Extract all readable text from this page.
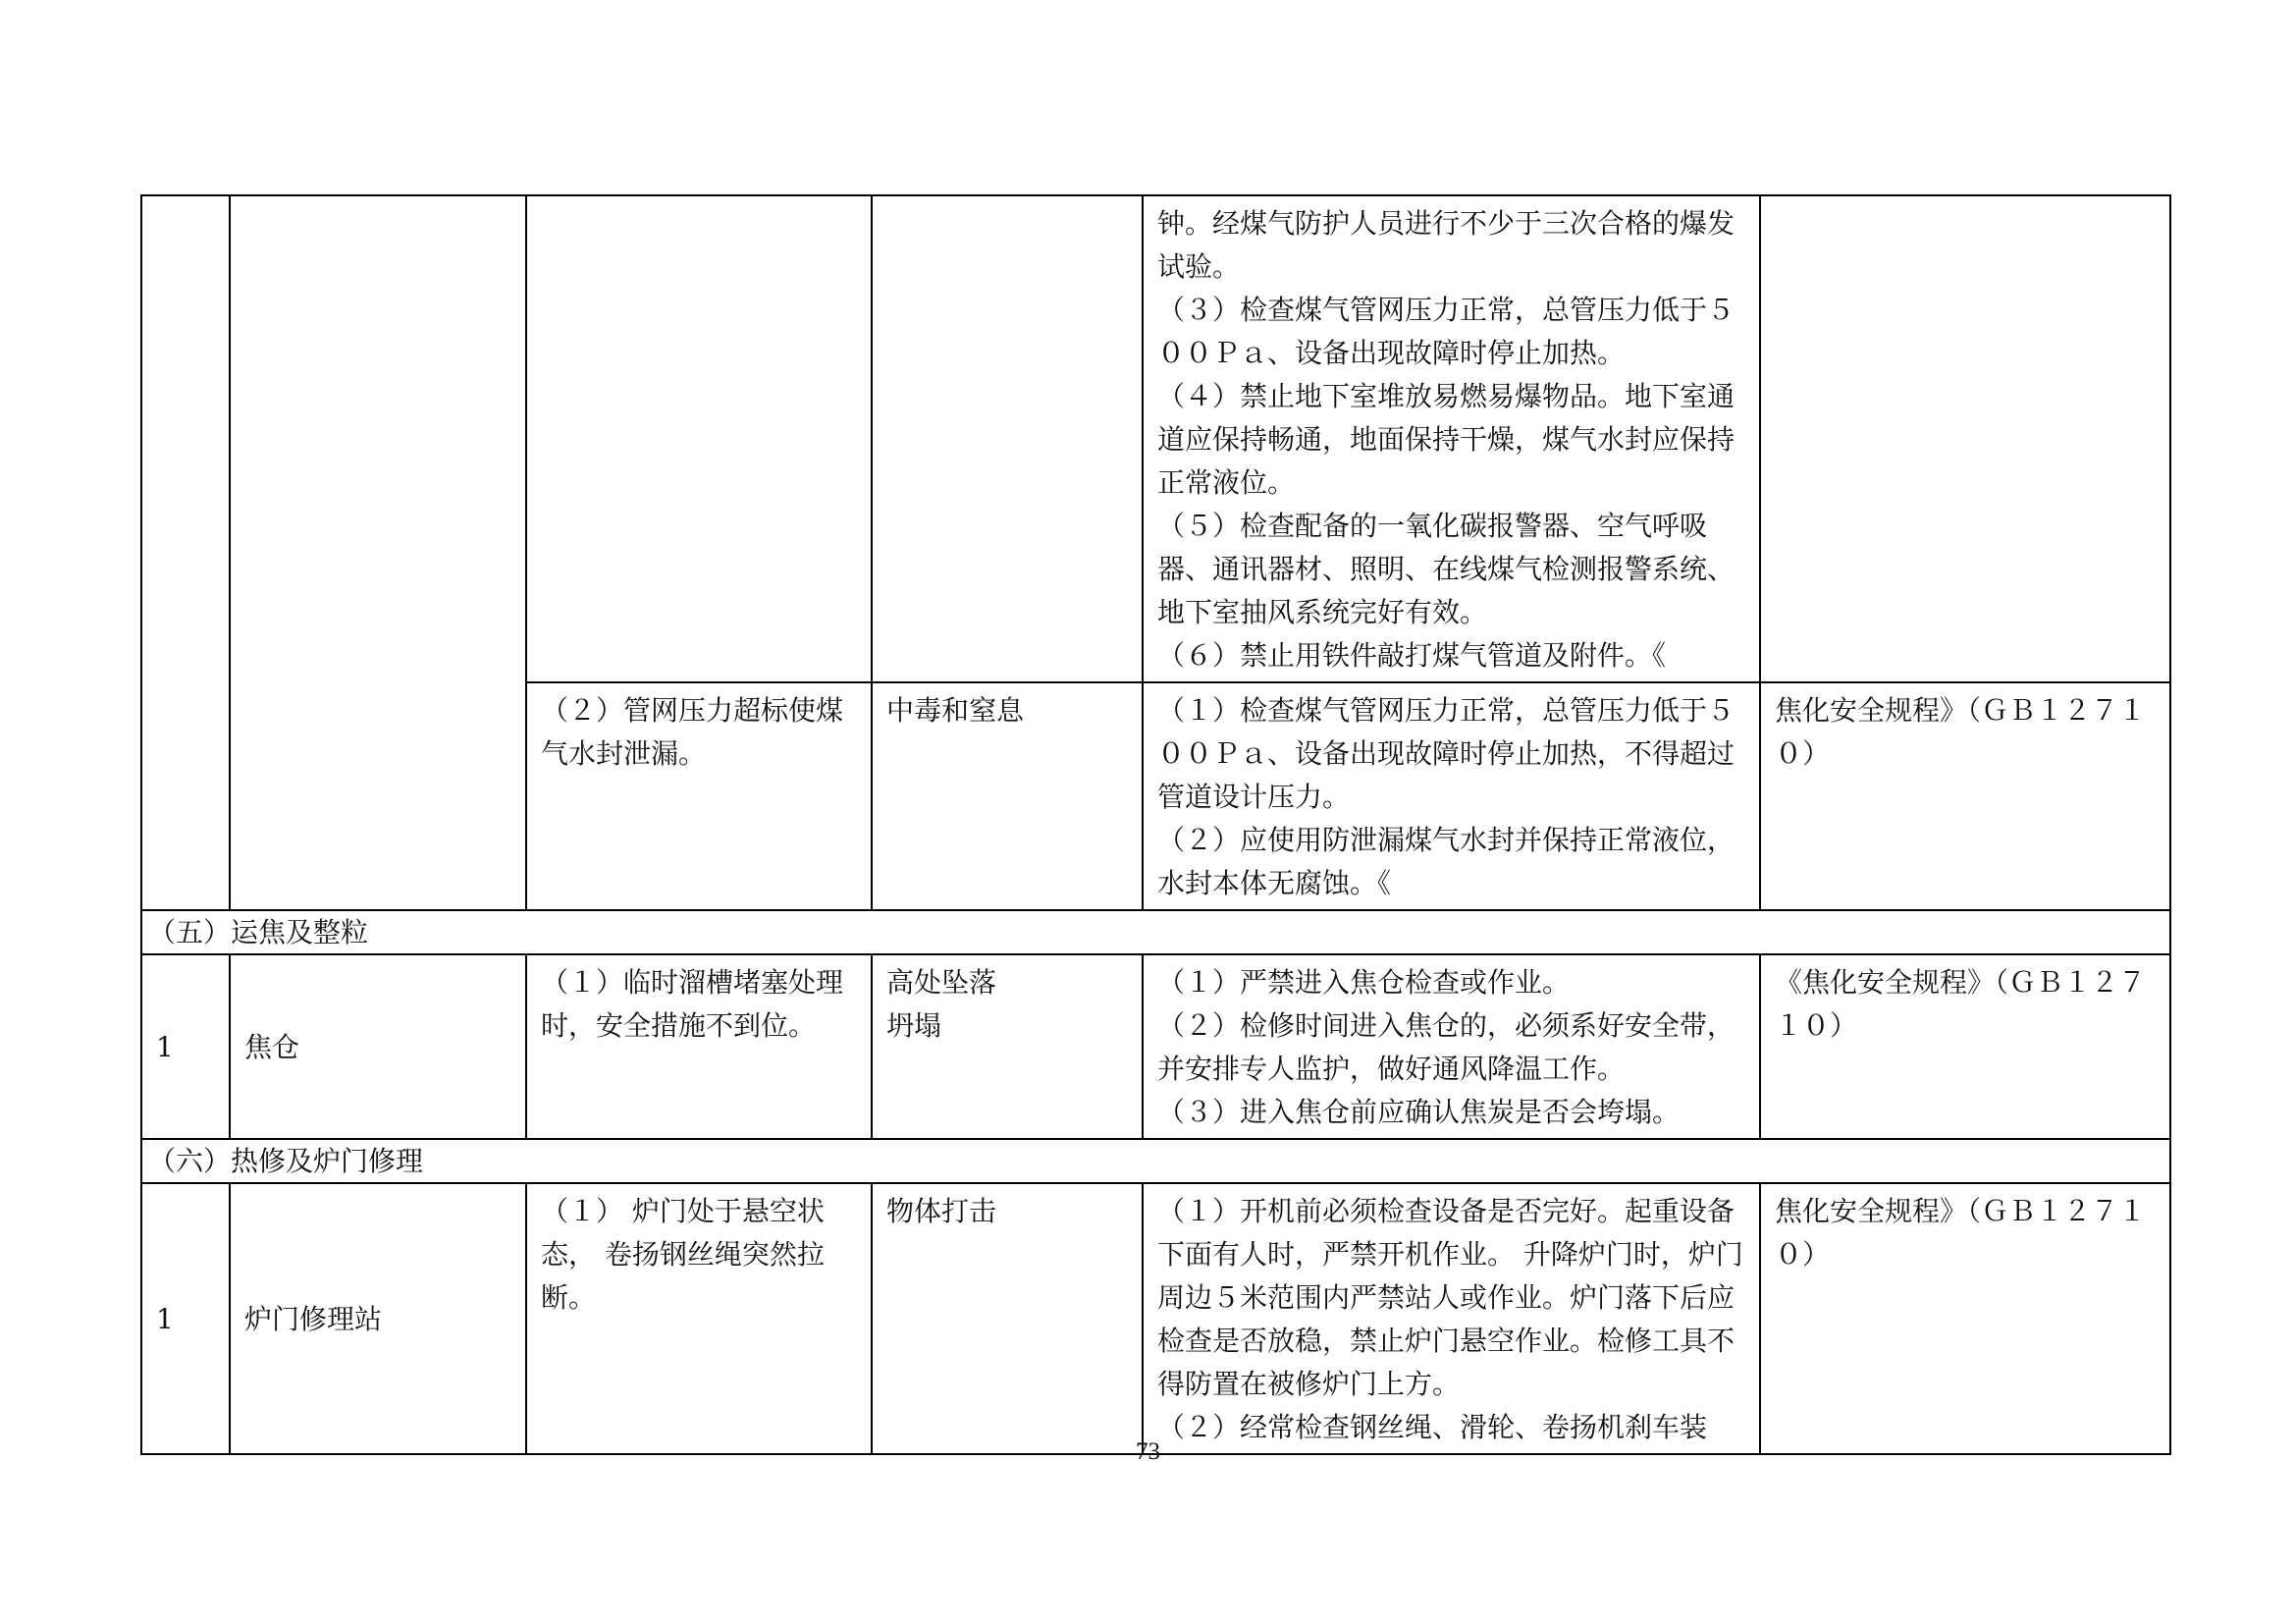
				钟。经煤气防护人员进行不少于三次合格的爆发试验。
（３）检查煤气管网压力正常，总管压力低于５００Ｐａ、设备出现故障时停止加热。
（４）禁止地下室堆放易燃易爆物品。地下室通道应保持畅通，地面保持干燥，煤气水封应保持正常液位。
（５）检查配备的一氧化碳报警器、空气呼吸器、通讯器材、照明、在线煤气检测报警系统、地下室抽风系统完好有效。
（６）禁止用铁件敲打煤气管道及附件。《	

		（２）管网压力超标使煤气水封泄漏。	中毒和窒息	（１）检查煤气管网压力正常，总管压力低于５００Ｐａ、设备出现故障时停止加热，不得超过管道设计压力。
（２）应使用防泄漏煤气水封并保持正常液位，水封本体无腐蚀。《	焦化安全规程》（ＧＢ１２７１０）
（五）运焦及整粒					
1	焦仓	（１）临时溜槽堵塞处理时，安全措施不到位。	高处坠落
坍塌	（１）严禁进入焦仓检查或作业。
（２）检修时间进入焦仓的，必须系好安全带，并安排专人监护，做好通风降温工作。
（３）进入焦仓前应确认焦炭是否会垮塌。	《焦化安全规程》（ＧＢ１２７１０）
（六）热修及炉门修理					
1	炉门修理站	（１） 炉门处于悬空状态， 卷扬钢丝绳突然拉断。	物体打击	（１）开机前必须检查设备是否完好。起重设备下面有人时，严禁开机作业。 升降炉门时，炉门周边５米范围内严禁站人或作业。炉门落下后应检查是否放稳，禁止炉门悬空作业。检修工具不得防置在被修炉门上方。
（２）经常检查钢丝绳、滑轮、卷扬机刹车装	焦化安全规程》（ＧＢ１２７１０）
73
